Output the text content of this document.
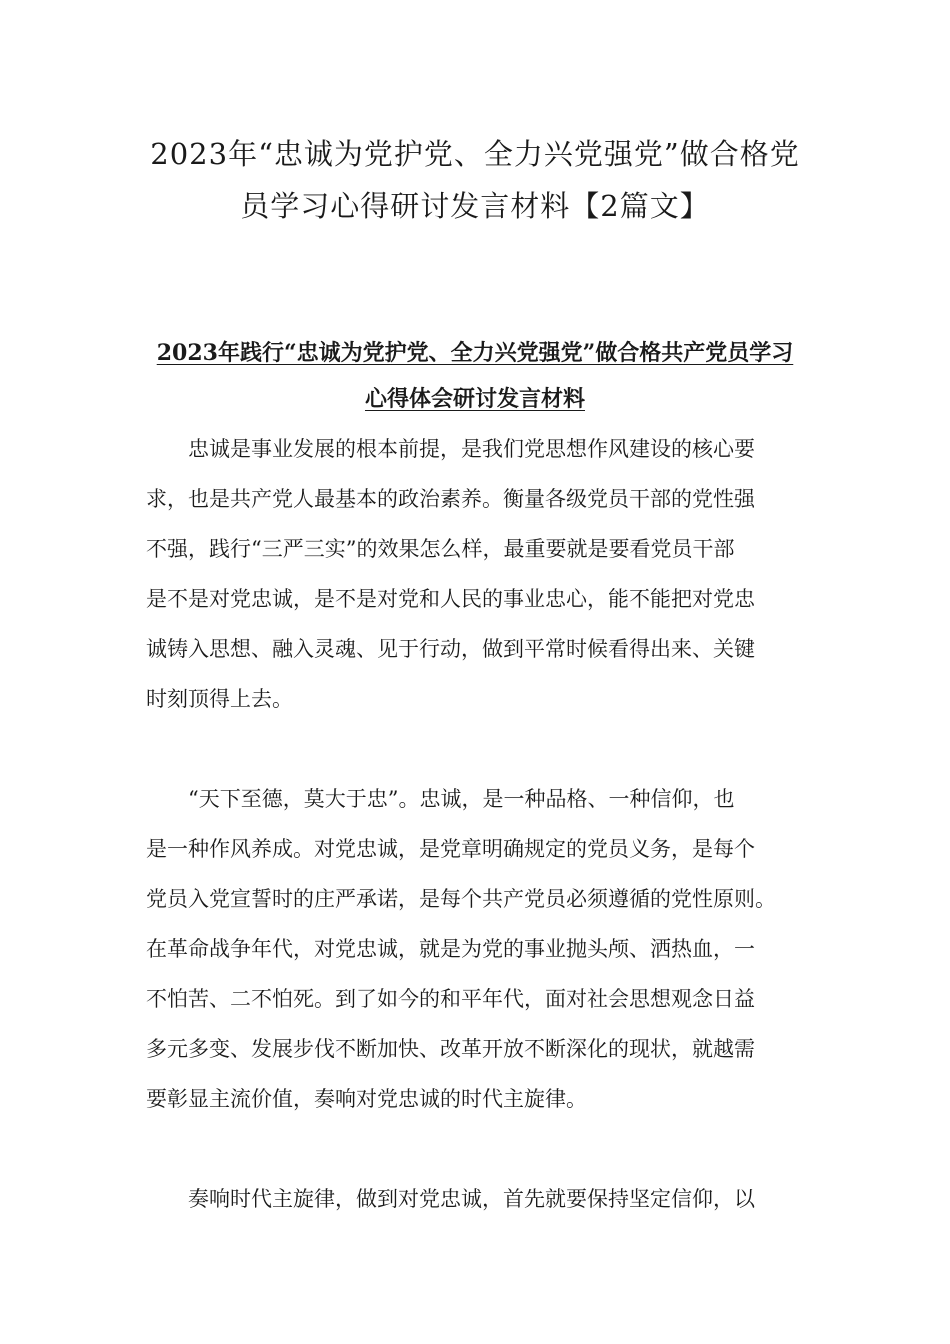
2023年“忠诚为党护党、全力兴党强党”做合格党
员学习心得研讨发言材料【2篇文】
2023年践行“忠诚为党护党、全力兴党强党”做合格共产党员学习
心得体会研讨发言材料

　　忠诚是事业发展的根本前提，是我们党思想作风建设的核心要
求，也是共产党人最基本的政治素养。衡量各级党员干部的党性强
不强，践行“三严三实”的效果怎么样，最重要就是要看党员干部
是不是对党忠诚，是不是对党和人民的事业忠心，能不能把对党忠
诚铸入思想、融入灵魂、见于行动，做到平常时候看得出来、关键
时刻顶得上去。

　　“天下至德，莫大于忠”。忠诚，是一种品格、一种信仰，也
是一种作风养成。对党忠诚，是党章明确规定的党员义务，是每个
党员入党宣誓时的庄严承诺，是每个共产党员必须遵循的党性原则。
在革命战争年代，对党忠诚，就是为党的事业抛头颅、洒热血，一
不怕苦、二不怕死。到了如今的和平年代，面对社会思想观念日益
多元多变、发展步伐不断加快、改革开放不断深化的现状，就越需
要彰显主流价值，奏响对党忠诚的时代主旋律。

　　奏响时代主旋律，做到对党忠诚，首先就要保持坚定信仰，以
